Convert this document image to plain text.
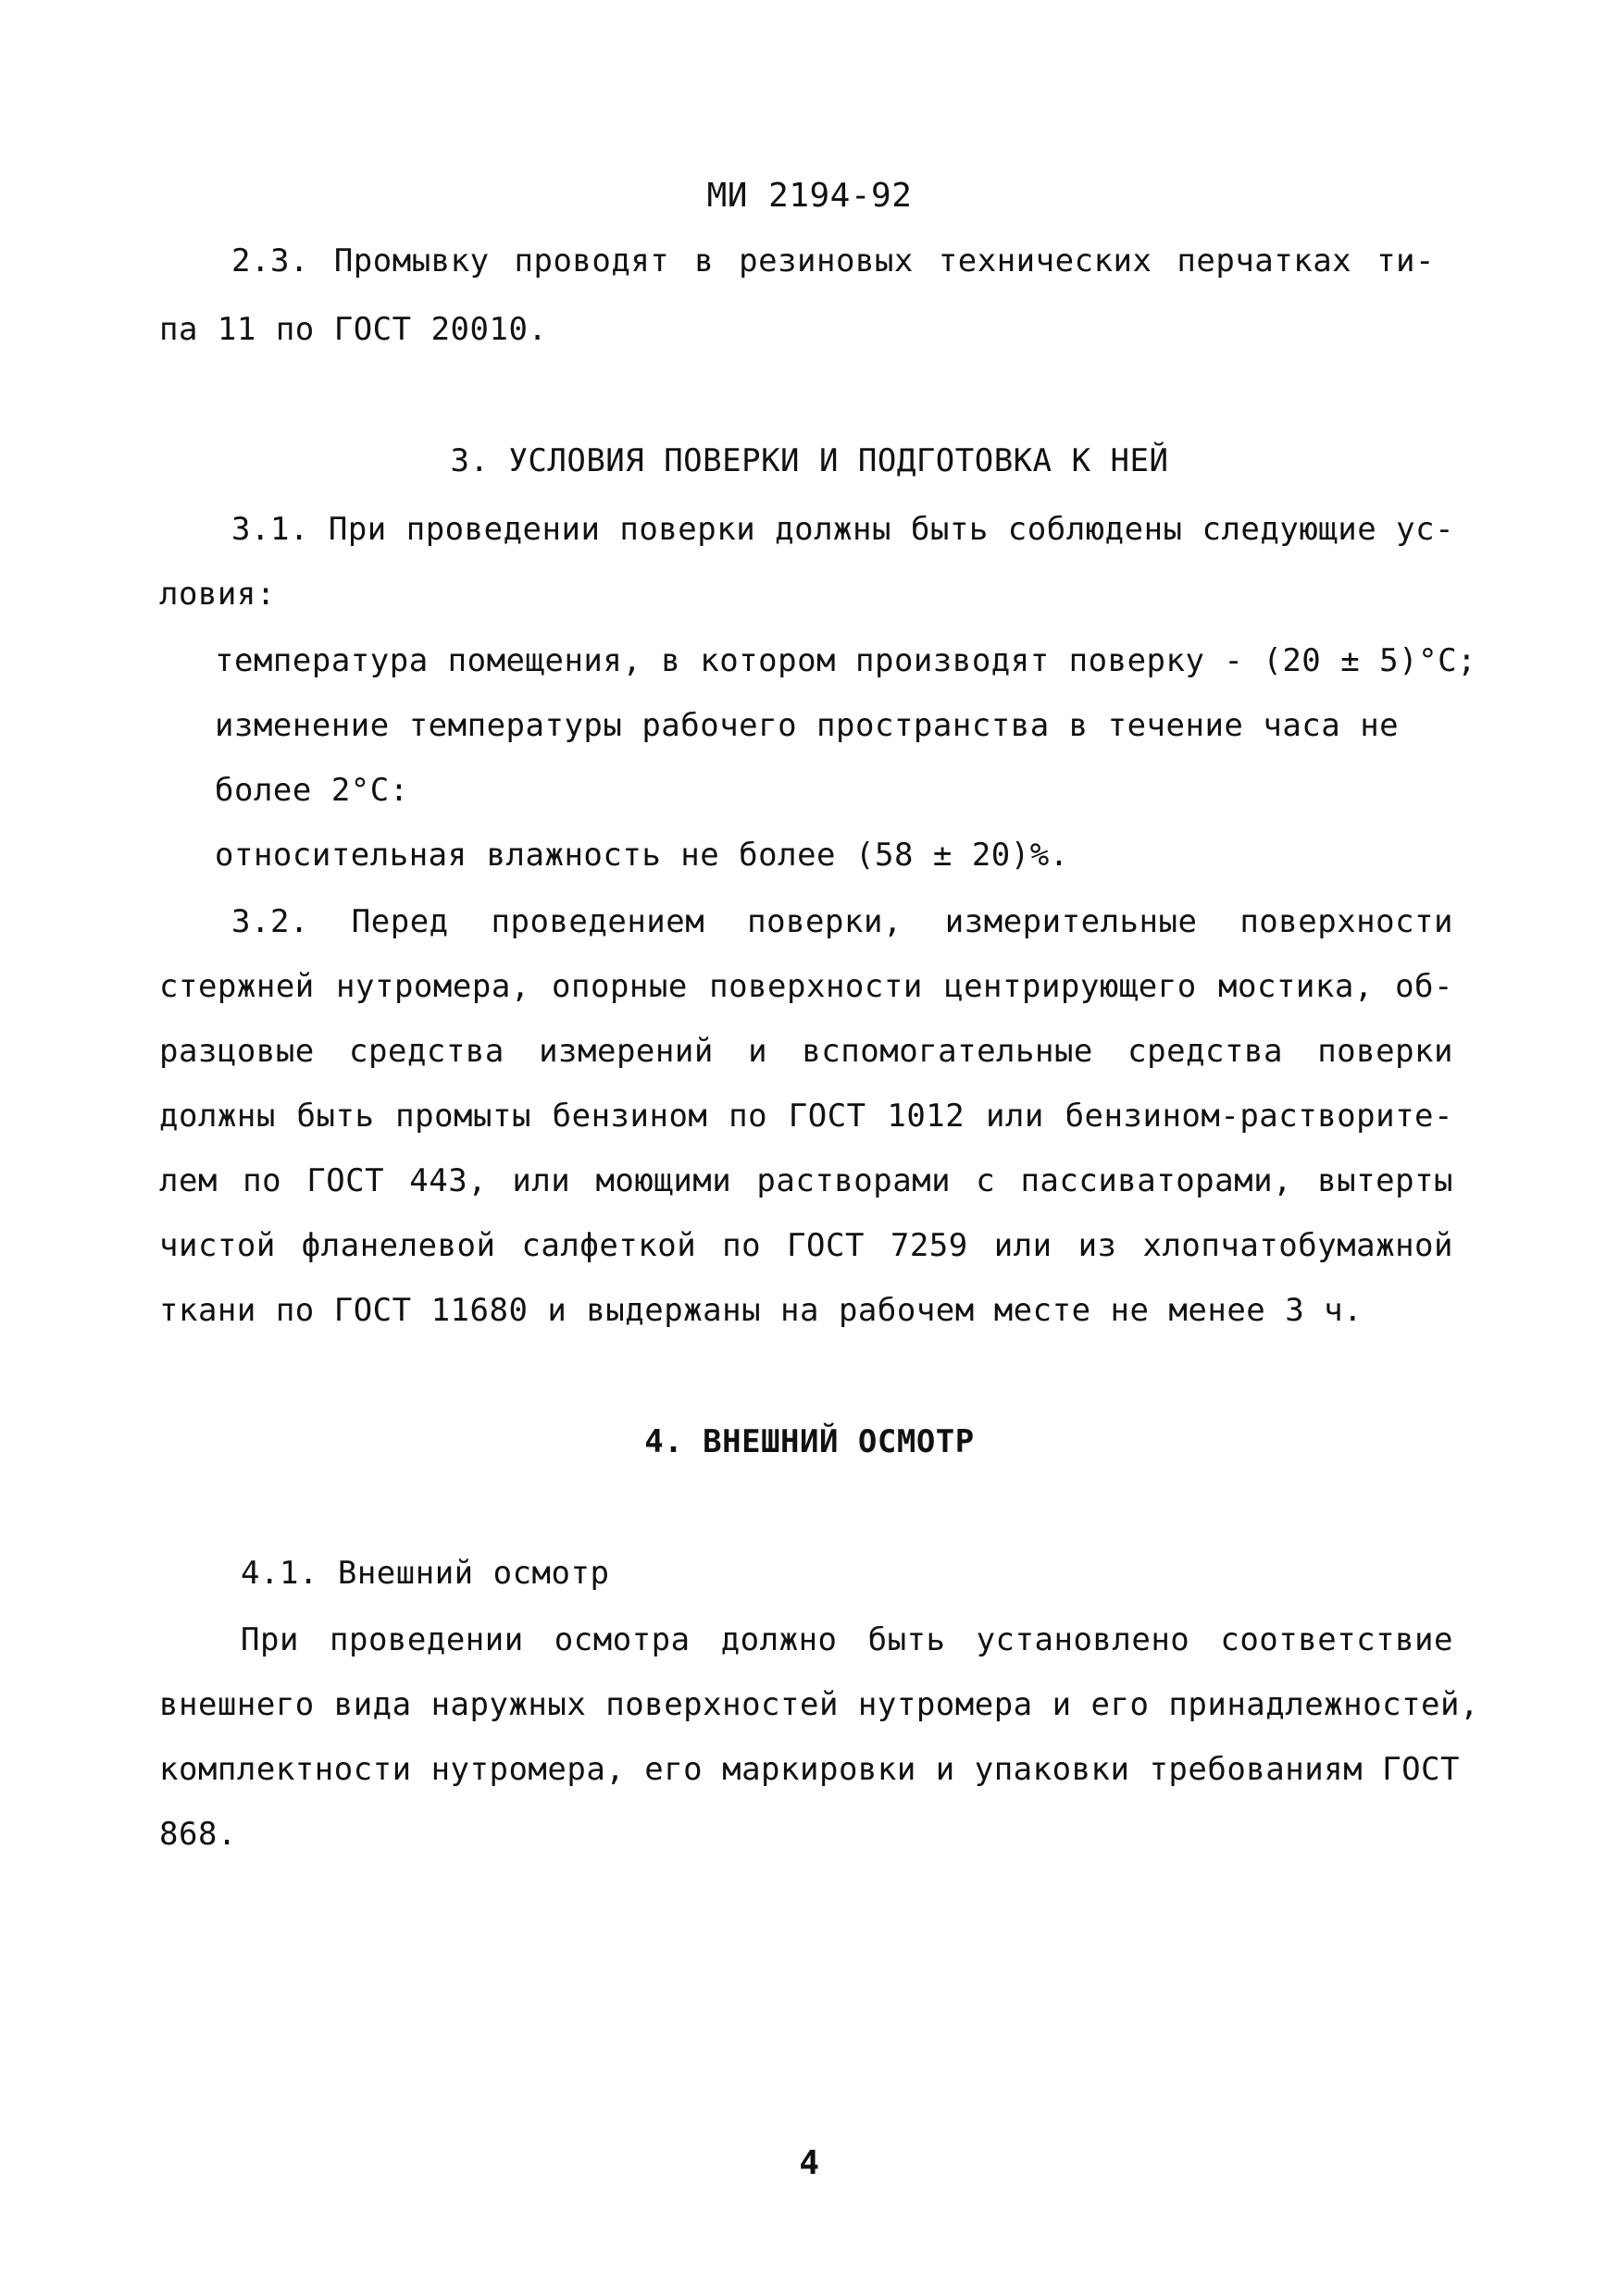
МИ 2194-92
2.3. Промывку проводят в резиновых технических перчатках ти-
па 11 по ГОСТ 20010.
3. УСЛОВИЯ ПОВЕРКИ И ПОДГОТОВКА К НЕЙ
3.1. При проведении поверки должны быть соблюдены следующие ус-
ловия:
температура помещения, в котором производят поверку - (20 ± 5)°С;
изменение температуры рабочего пространства в течение часа не
более 2°С:
относительная влажность не более (58 ± 20)%.
3.2. Перед проведением поверки, измерительные поверхности
стержней нутромера, опорные поверхности центрирующего мостика, об-
разцовые средства измерений и вспомогательные средства поверки
должны быть промыты бензином по ГОСТ 1012 или бензином-растворите-
лем по ГОСТ 443, или моющими растворами с пассиваторами, вытерты
чистой фланелевой салфеткой по ГОСТ 7259 или из хлопчатобумажной
ткани по ГОСТ 11680 и выдержаны на рабочем месте не менее 3 ч.
4. ВНЕШНИЙ ОСМОТР
4.1. Внешний осмотр
При проведении осмотра должно быть установлено соответствие
внешнего вида наружных поверхностей нутромера и его принадлежностей,
комплектности нутромера, его маркировки и упаковки требованиям ГОСТ
868.
4
